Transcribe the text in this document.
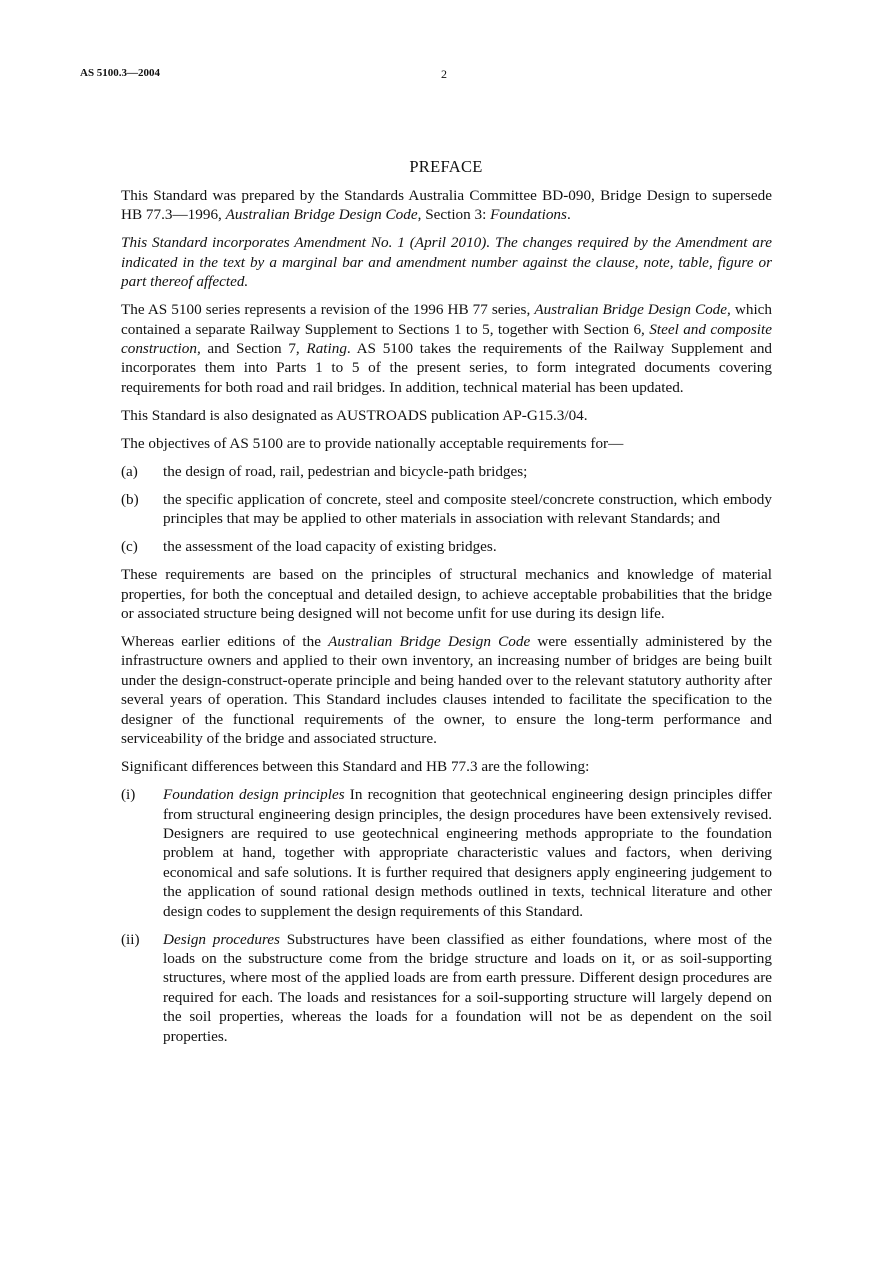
AS 5100.3—2004	2
PREFACE

This Standard was prepared by the Standards Australia Committee BD-090, Bridge Design to supersede HB 77.3—1996, Australian Bridge Design Code, Section 3: Foundations.

This Standard incorporates Amendment No. 1 (April 2010). The changes required by the Amendment are indicated in the text by a marginal bar and amendment number against the clause, note, table, figure or part thereof affected.

The AS 5100 series represents a revision of the 1996 HB 77 series, Australian Bridge Design Code, which contained a separate Railway Supplement to Sections 1 to 5, together with Section 6, Steel and composite construction, and Section 7, Rating. AS 5100 takes the requirements of the Railway Supplement and incorporates them into Parts 1 to 5 of the present series, to form integrated documents covering requirements for both road and rail bridges. In addition, technical material has been updated.

This Standard is also designated as AUSTROADS publication AP-G15.3/04.

The objectives of AS 5100 are to provide nationally acceptable requirements for—

(a)	the design of road, rail, pedestrian and bicycle-path bridges;
(b)	the specific application of concrete, steel and composite steel/concrete construction, which embody principles that may be applied to other materials in association with relevant Standards; and
(c)	the assessment of the load capacity of existing bridges.

These requirements are based on the principles of structural mechanics and knowledge of material properties, for both the conceptual and detailed design, to achieve acceptable probabilities that the bridge or associated structure being designed will not become unfit for use during its design life.

Whereas earlier editions of the Australian Bridge Design Code were essentially administered by the infrastructure owners and applied to their own inventory, an increasing number of bridges are being built under the design-construct-operate principle and being handed over to the relevant statutory authority after several years of operation. This Standard includes clauses intended to facilitate the specification to the designer of the functional requirements of the owner, to ensure the long-term performance and serviceability of the bridge and associated structure.

Significant differences between this Standard and HB 77.3 are the following:

(i)	Foundation design principles In recognition that geotechnical engineering design principles differ from structural engineering design principles, the design procedures have been extensively revised. Designers are required to use geotechnical engineering methods appropriate to the foundation problem at hand, together with appropriate characteristic values and factors, when deriving economical and safe solutions. It is further required that designers apply engineering judgement to the application of sound rational design methods outlined in texts, technical literature and other design codes to supplement the design requirements of this Standard.
(ii)	Design procedures Substructures have been classified as either foundations, where most of the loads on the substructure come from the bridge structure and loads on it, or as soil-supporting structures, where most of the applied loads are from earth pressure. Different design procedures are required for each. The loads and resistances for a soil-supporting structure will largely depend on the soil properties, whereas the loads for a foundation will not be as dependent on the soil properties.
